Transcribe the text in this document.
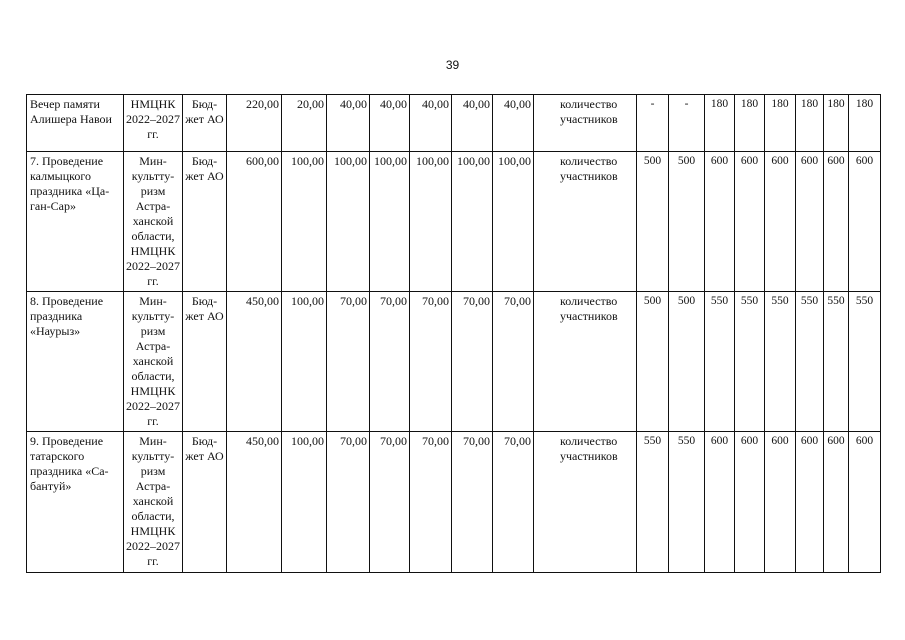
39
Вечер памяти Алишера Навои	НМЦНК 2022–2027 гг.	Бюд-жет АО	220,00	20,00	40,00	40,00	40,00	40,00	40,00	количество участников	-	-	180	180	180	180	180	180
7. Проведение калмыцкого праздника «Ца-ган-Сар»	Мин-культту-ризм Астра-ханской области, НМЦНК 2022–2027 гг.	Бюд-жет АО	600,00	100,00	100,00	100,00	100,00	100,00	100,00	количество участников	500	500	600	600	600	600	600	600
8. Проведение праздника «Наурыз»	Мин-культту-ризм Астра-ханской области, НМЦНК 2022–2027 гг.	Бюд-жет АО	450,00	100,00	70,00	70,00	70,00	70,00	70,00	количество участников	500	500	550	550	550	550	550	550
9. Проведение татарского праздника «Са-бантуй»	Мин-культту-ризм Астра-ханской области, НМЦНК 2022–2027 гг.	Бюд-жет АО	450,00	100,00	70,00	70,00	70,00	70,00	70,00	количество участников	550	550	600	600	600	600	600	600
